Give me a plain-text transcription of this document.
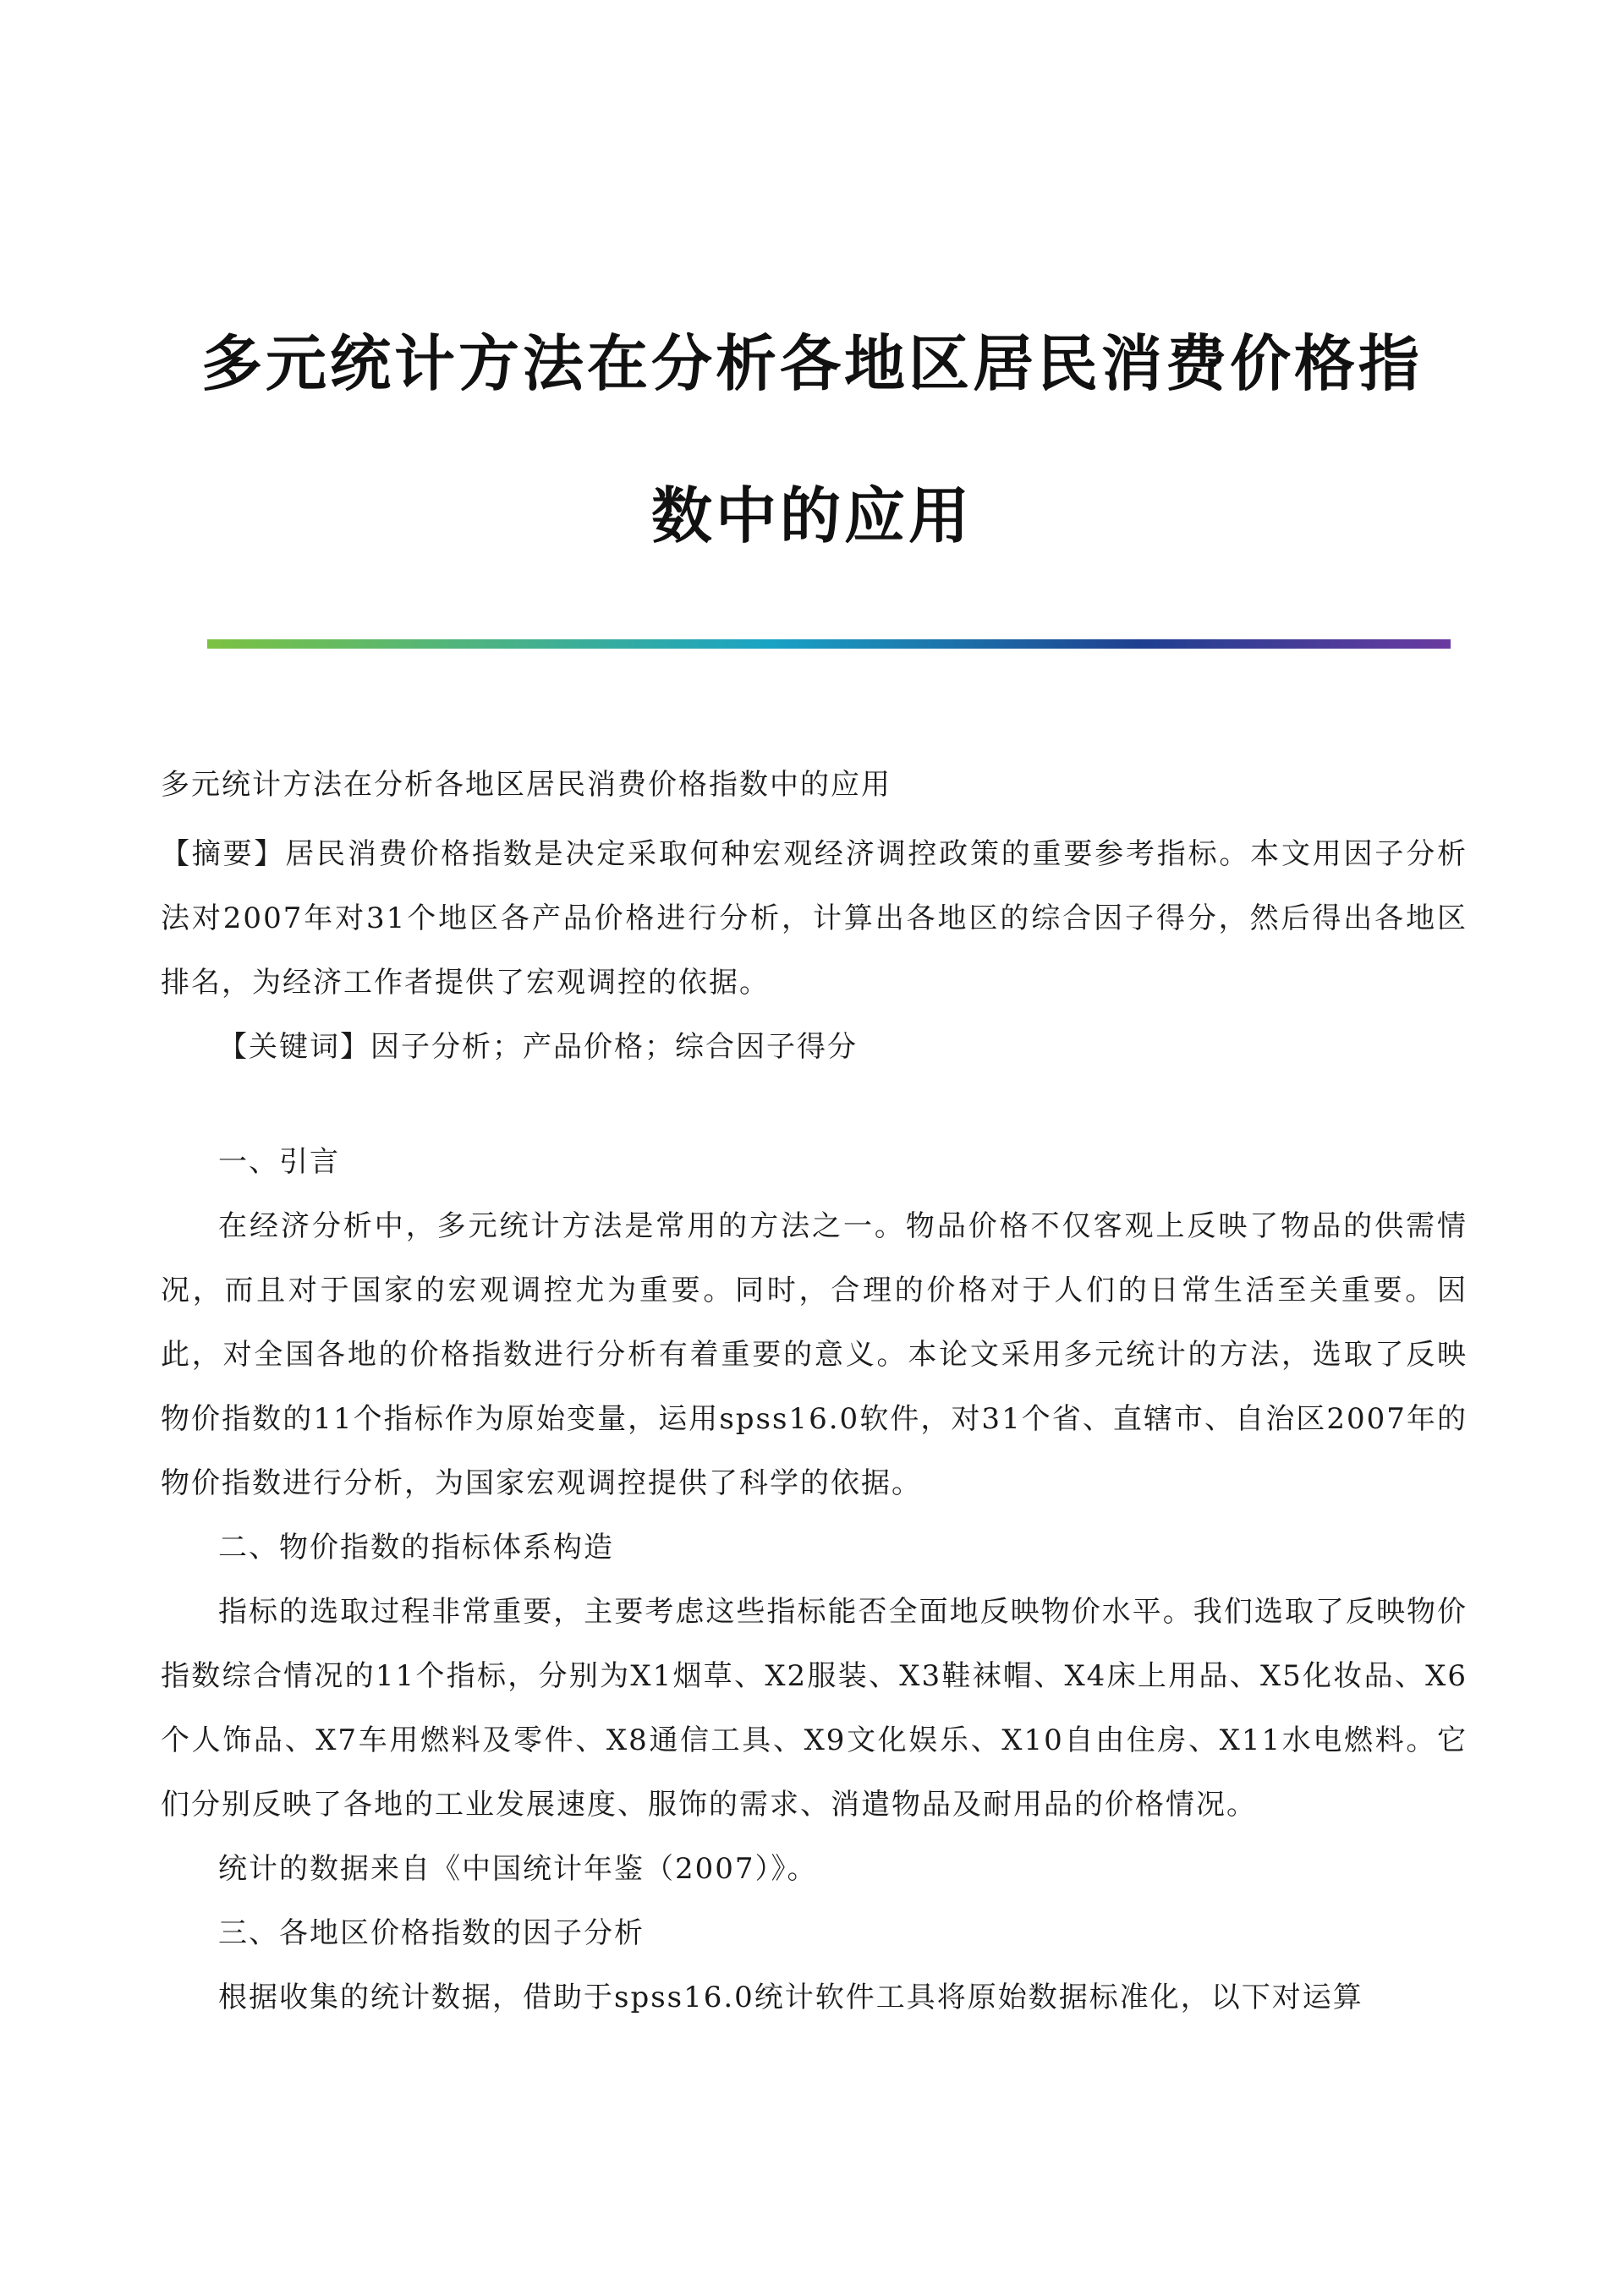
多元统计方法在分析各地区居民消费价格指
数中的应用

多元统计方法在分析各地区居民消费价格指数中的应用

【摘要】居民消费价格指数是决定采取何种宏观经济调控政策的重要参考指标。本文用因子分析法对2007年对31个地区各产品价格进行分析，计算出各地区的综合因子得分，然后得出各地区排名，为经济工作者提供了宏观调控的依据。

【关键词】因子分析；产品价格；综合因子得分

一、引言

在经济分析中，多元统计方法是常用的方法之一。物品价格不仅客观上反映了物品的供需情况，而且对于国家的宏观调控尤为重要。同时，合理的价格对于人们的日常生活至关重要。因此，对全国各地的价格指数进行分析有着重要的意义。本论文采用多元统计的方法，选取了反映物价指数的11个指标作为原始变量，运用spss16.0软件，对31个省、直辖市、自治区2007年的物价指数进行分析，为国家宏观调控提供了科学的依据。

二、物价指数的指标体系构造

指标的选取过程非常重要，主要考虑这些指标能否全面地反映物价水平。我们选取了反映物价指数综合情况的11个指标，分别为X1烟草、X2服装、X3鞋袜帽、X4床上用品、X5化妆品、X6个人饰品、X7车用燃料及零件、X8通信工具、X9文化娱乐、X10自由住房、X11水电燃料。它们分别反映了各地的工业发展速度、服饰的需求、消遣物品及耐用品的价格情况。

统计的数据来自《中国统计年鉴（2007）》。

三、各地区价格指数的因子分析

根据收集的统计数据，借助于spss16.0统计软件工具将原始数据标准化，以下对运算
